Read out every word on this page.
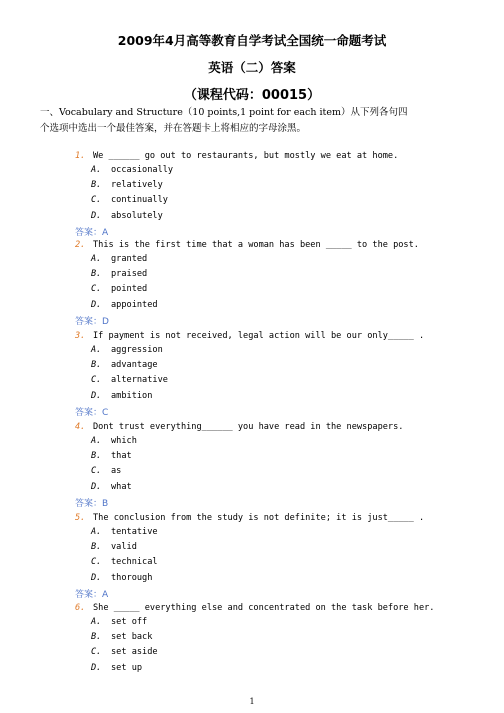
2009年4月高等教育自学考试全国统一命题考试
英语（二）答案
（课程代码：00015）
一、Vocabulary and Structure（10 points,1 point for each item）从下列各句四
个选项中选出一个最佳答案，并在答题卡上将相应的字母涂黑。
1. We ______ go out to restaurants, but mostly we eat at home.
A. occasionally
B. relatively
C. continually
D. absolutely
答案：A
2. This is the first time that a woman has been _____ to the post.
A. granted
B. praised
C. pointed
D. appointed
答案：D
3. If payment is not received, legal action will be our only_____ .
A. aggression
B. advantage
C. alternative
D. ambition
答案：C
4. Dont trust everything______ you have read in the newspapers.
A. which
B. that
C. as
D. what
答案：B
5. The conclusion from the study is not definite; it is just_____ .
A. tentative
B. valid
C. technical
D. thorough
答案：A
6. She _____ everything else and concentrated on the task before her.
A. set off
B. set back
C. set aside
D. set up
1
